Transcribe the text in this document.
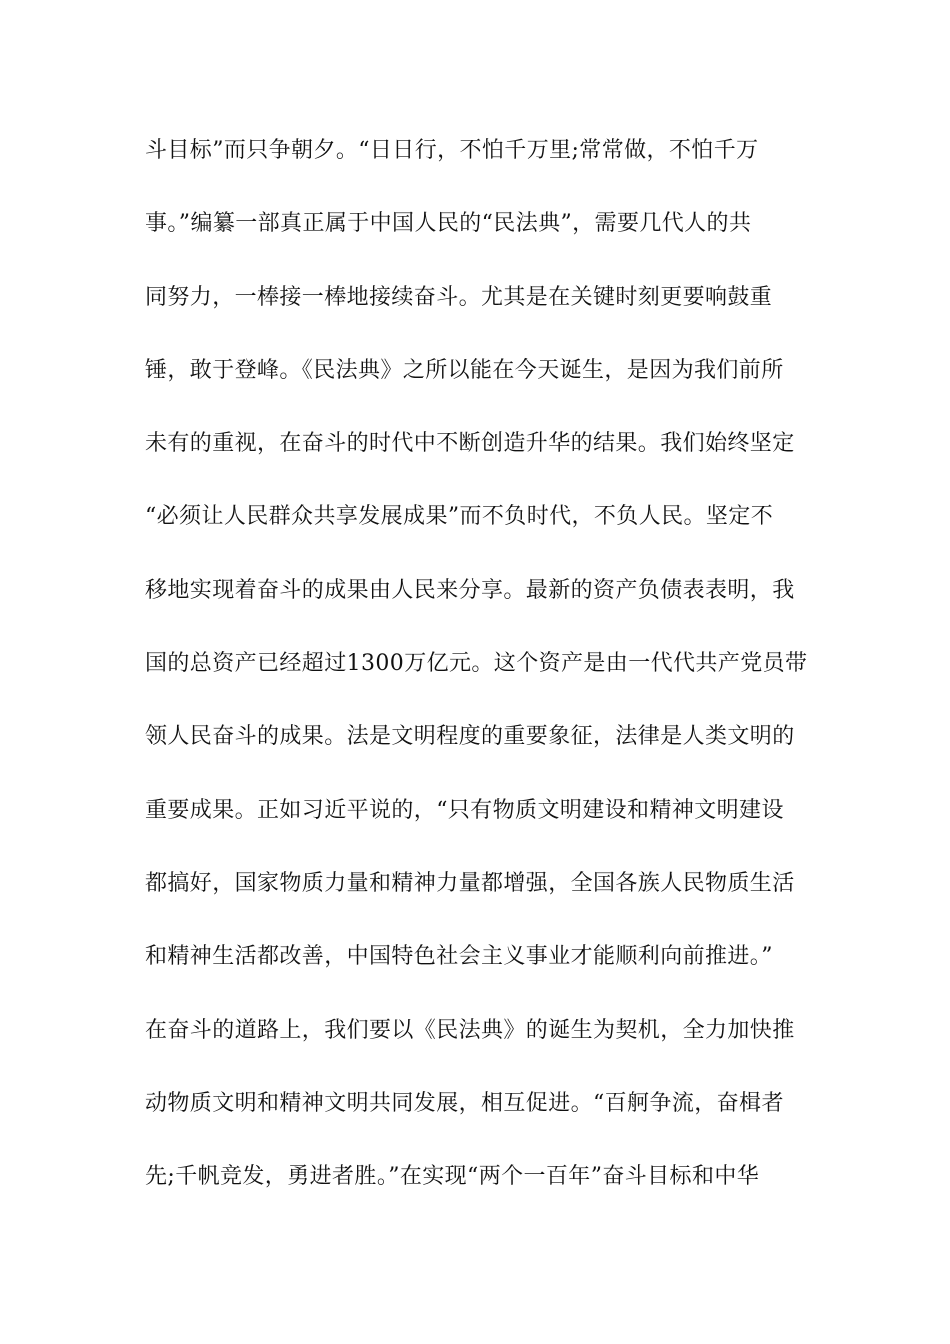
斗目标”而只争朝夕。“日日行，不怕千万里;常常做，不怕千万
事。”编纂一部真正属于中国人民的“民法典”，需要几代人的共
同努力，一棒接一棒地接续奋斗。尤其是在关键时刻更要响鼓重
锤，敢于登峰。《民法典》之所以能在今天诞生，是因为我们前所
未有的重视，在奋斗的时代中不断创造升华的结果。我们始终坚定
“必须让人民群众共享发展成果”而不负时代，不负人民。坚定不
移地实现着奋斗的成果由人民来分享。最新的资产负债表表明，我
国的总资产已经超过1300万亿元。这个资产是由一代代共产党员带
领人民奋斗的成果。法是文明程度的重要象征，法律是人类文明的
重要成果。正如习近平说的，“只有物质文明建设和精神文明建设
都搞好，国家物质力量和精神力量都增强，全国各族人民物质生活
和精神生活都改善，中国特色社会主义事业才能顺利向前推进。”
在奋斗的道路上，我们要以《民法典》的诞生为契机，全力加快推
动物质文明和精神文明共同发展，相互促进。“百舸争流，奋楫者
先;千帆竞发，勇进者胜。”在实现“两个一百年”奋斗目标和中华
